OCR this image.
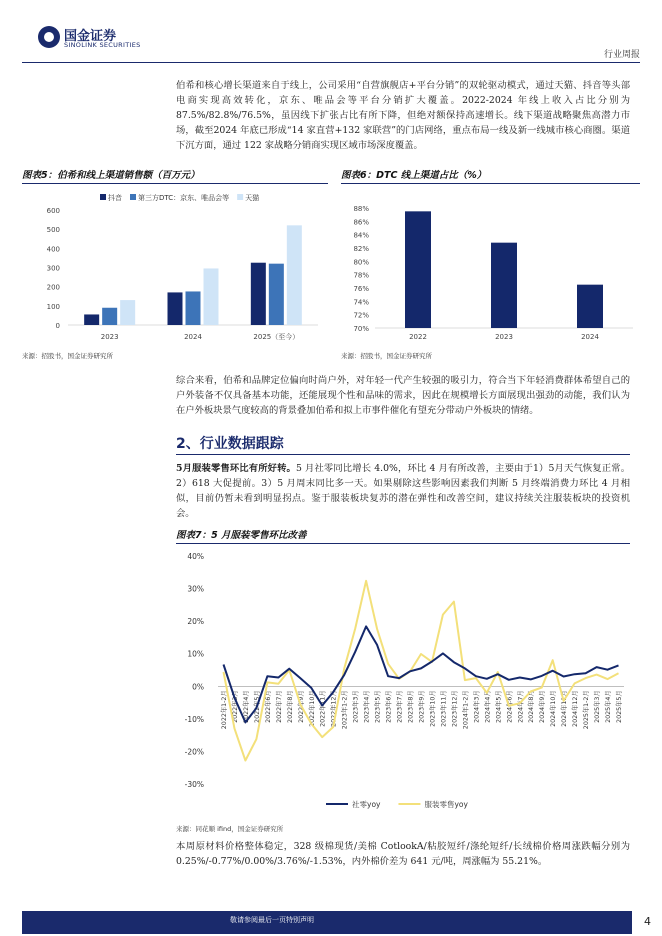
国金证券
SINOLINK SECURITIES
行业周报
伯希和核心增长渠道来自于线上，公司采用“自营旗舰店+平台分销”的双轮驱动模式，通过天猫、抖音等头部电商实现高效转化，京东、唯品会等平台分销扩大覆盖。2022-2024 年线上收入占比分别为 87.5%/82.8%/76.5%，虽因线下扩张占比有所下降，但绝对额保持高速增长。线下渠道战略聚焦高潜力市场，截至2024 年底已形成“14 家直营+132 家联营”的门店网络，重点布局一线及新一线城市核心商圈。渠道下沉方面，通过 122 家战略分销商实现区域市场深度覆盖。
图表5：伯希和线上渠道销售额（百万元）
抖音 第三方DTC：京东、唯品会等 天猫
0
100
200
300
400
500
600
2023	2024	2025（至今）
来源：招股书，国金证券研究所
图表6：DTC 线上渠道占比（%）
70%
72%
74%
76%
78%
80%
82%
84%
86%
88%
2022	2023	2024
来源：招股书，国金证券研究所
综合来看，伯希和品牌定位偏向时尚户外，对年轻一代产生较强的吸引力，符合当下年轻消费群体希望自己的户外装备不仅具备基本功能，还能展现个性和品味的需求，因此在规模增长方面展现出强劲的动能，我们认为在户外板块景气度较高的背景叠加伯希和拟上市事件催化有望充分带动户外板块的情绪。
2、行业数据跟踪
5月服装零售环比有所好转。5 月社零同比增长 4.0%，环比 4 月有所改善，主要由于1）5月天气恢复正常。2）618 大促提前。3）5 月周末同比多一天。如果剔除这些影响因素我们判断 5 月终端消费力环比 4 月相似，目前仍暂未看到明显拐点。鉴于服装板块复苏的潜在弹性和改善空间，建议持续关注服装板块的投资机会。
图表7：5 月服装零售环比改善
-30%
-20%
-10%
0%
10%
20%
30%
40%
2022年1-2月 2022年3月 2022年4月 2022年5月 2022年6月 2022年7月 2022年8月 2022年9月 2022年10月 2022年11月 2022年12月 2023年1-2月 2023年3月 2023年4月 2023年5月 2023年6月 2023年7月 2023年8月 2023年9月 2023年10月 2023年11月 2023年12月 2024年1-2月 2024年3月 2024年4月 2024年5月 2024年6月 2024年7月 2024年8月 2024年9月 2024年10月 2024年11月 2024年12月 2025年1-2月 2025年3月 2025年4月 2025年5月
社零yoy	服装零售yoy
来源：同花顺 ifind，国金证券研究所
本周原材料价格整体稳定，328 级棉现货/美棉 CotlookA/粘胶短纤/涤纶短纤/长绒棉价格周涨跌幅分别为 0.25%/-0.77%/0.00%/3.76%/-1.53%，内外棉价差为 641 元/吨，周涨幅为 55.21%。
敬请参阅最后一页特别声明	4
